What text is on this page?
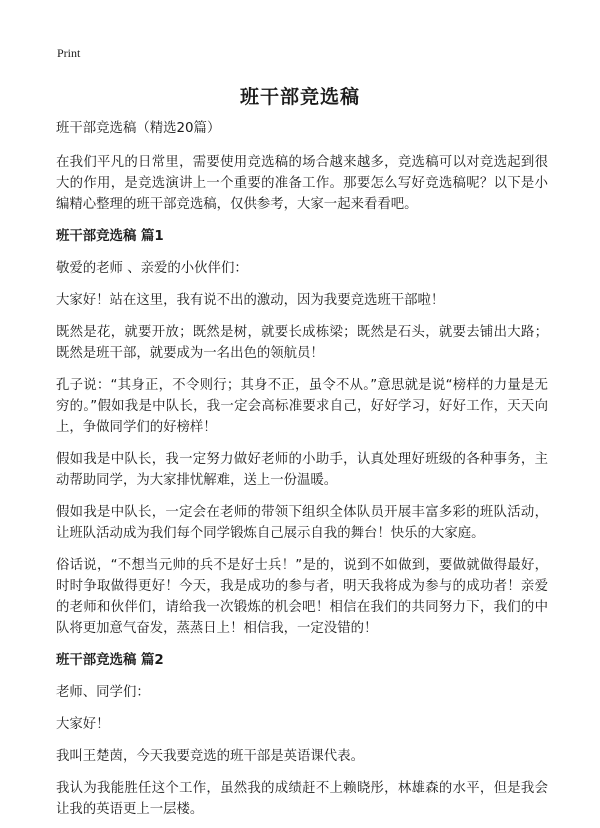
Print
班干部竞选稿

班干部竞选稿（精选20篇）

在我们平凡的日常里，需要使用竞选稿的场合越来越多，竞选稿可以对竞选起到很大的作用，是竞选演讲上一个重要的准备工作。那要怎么写好竞选稿呢？以下是小编精心整理的班干部竞选稿，仅供参考，大家一起来看看吧。

班干部竞选稿 篇1

敬爱的老师 、亲爱的小伙伴们：

大家好！站在这里，我有说不出的激动，因为我要竞选班干部啦！

既然是花，就要开放；既然是树，就要长成栋梁；既然是石头，就要去铺出大路；既然是班干部，就要成为一名出色的领航员！

孔子说：“其身正，不令则行；其身不正，虽令不从。”意思就是说“榜样的力量是无穷的。”假如我是中队长，我一定会高标准要求自己，好好学习，好好工作，天天向上，争做同学们的好榜样！

假如我是中队长，我一定努力做好老师的小助手，认真处理好班级的各种事务，主动帮助同学，为大家排忧解难，送上一份温暖。

假如我是中队长，一定会在老师的带领下组织全体队员开展丰富多彩的班队活动，让班队活动成为我们每个同学锻炼自己展示自我的舞台！快乐的大家庭。

俗话说，“不想当元帅的兵不是好士兵！”是的，说到不如做到，要做就做得最好，时时争取做得更好！今天，我是成功的参与者，明天我将成为参与的成功者！亲爱的老师和伙伴们，请给我一次锻炼的机会吧！相信在我们的共同努力下，我们的中队将更加意气奋发，蒸蒸日上！相信我，一定没错的！

班干部竞选稿 篇2

老师、同学们：

大家好！

我叫王楚茵，今天我要竞选的班干部是英语课代表。

我认为我能胜任这个工作，虽然我的成绩赶不上赖晓彤，林雄森的水平，但是我会让我的英语更上一层楼。
